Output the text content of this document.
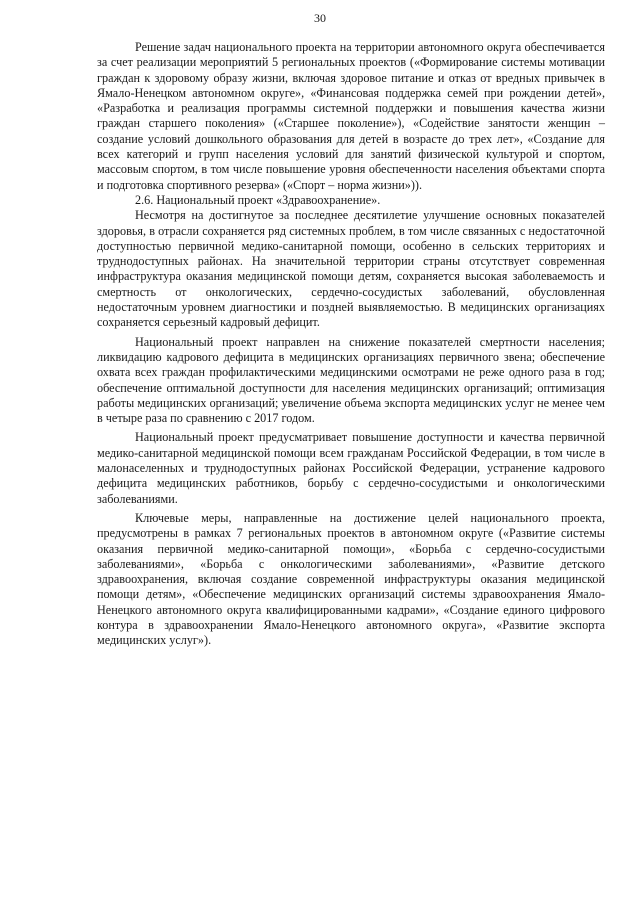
30

Решение задач национального проекта на территории автономного округа обеспечивается за счет реализации мероприятий 5 региональных проектов («Формирование системы мотивации граждан к здоровому образу жизни, включая здоровое питание и отказ от вредных привычек в Ямало-Ненецком автономном округе», «Финансовая поддержка семей при рождении детей», «Разработка и реализация программы системной поддержки и повышения качества жизни граждан старшего поколения» («Старшее поколение»), «Содействие занятости женщин – создание условий дошкольного образования для детей в возрасте до трех лет», «Создание для всех категорий и групп населения условий для занятий физической культурой и спортом, массовым спортом, в том числе повышение уровня обеспеченности населения объектами спорта и подготовка спортивного резерва» («Спорт – норма жизни»)).

2.6. Национальный проект «Здравоохранение».

Несмотря на достигнутое за последнее десятилетие улучшение основных показателей здоровья, в отрасли сохраняется ряд системных проблем, в том числе связанных с недостаточной доступностью первичной медико-санитарной помощи, особенно в сельских территориях и труднодоступных районах. На значительной территории страны отсутствует современная инфраструктура оказания медицинской помощи детям, сохраняется высокая заболеваемость и смертность от онкологических, сердечно-сосудистых заболеваний, обусловленная недостаточным уровнем диагностики и поздней выявляемостью. В медицинских организациях сохраняется серьезный кадровый дефицит.

Национальный проект направлен на снижение показателей смертности населения; ликвидацию кадрового дефицита в медицинских организациях первичного звена; обеспечение охвата всех граждан профилактическими медицинскими осмотрами не реже одного раза в год; обеспечение оптимальной доступности для населения медицинских организаций; оптимизация работы медицинских организаций; увеличение объема экспорта медицинских услуг не менее чем в четыре раза по сравнению с 2017 годом.

Национальный проект предусматривает повышение доступности и качества первичной медико-санитарной медицинской помощи всем гражданам Российской Федерации, в том числе в малонаселенных и труднодоступных районах Российской Федерации, устранение кадрового дефицита медицинских работников, борьбу с сердечно-сосудистыми и онкологическими заболеваниями.

Ключевые меры, направленные на достижение целей национального проекта, предусмотрены в рамках 7 региональных проектов в автономном округе («Развитие системы оказания первичной медико-санитарной помощи», «Борьба с сердечно-сосудистыми заболеваниями», «Борьба с онкологическими заболеваниями», «Развитие детского здравоохранения, включая создание современной инфраструктуры оказания медицинской помощи детям», «Обеспечение медицинских организаций системы здравоохранения Ямало-Ненецкого автономного округа квалифицированными кадрами», «Создание единого цифрового контура в здравоохранении Ямало-Ненецкого автономного округа», «Развитие экспорта медицинских услуг»).
